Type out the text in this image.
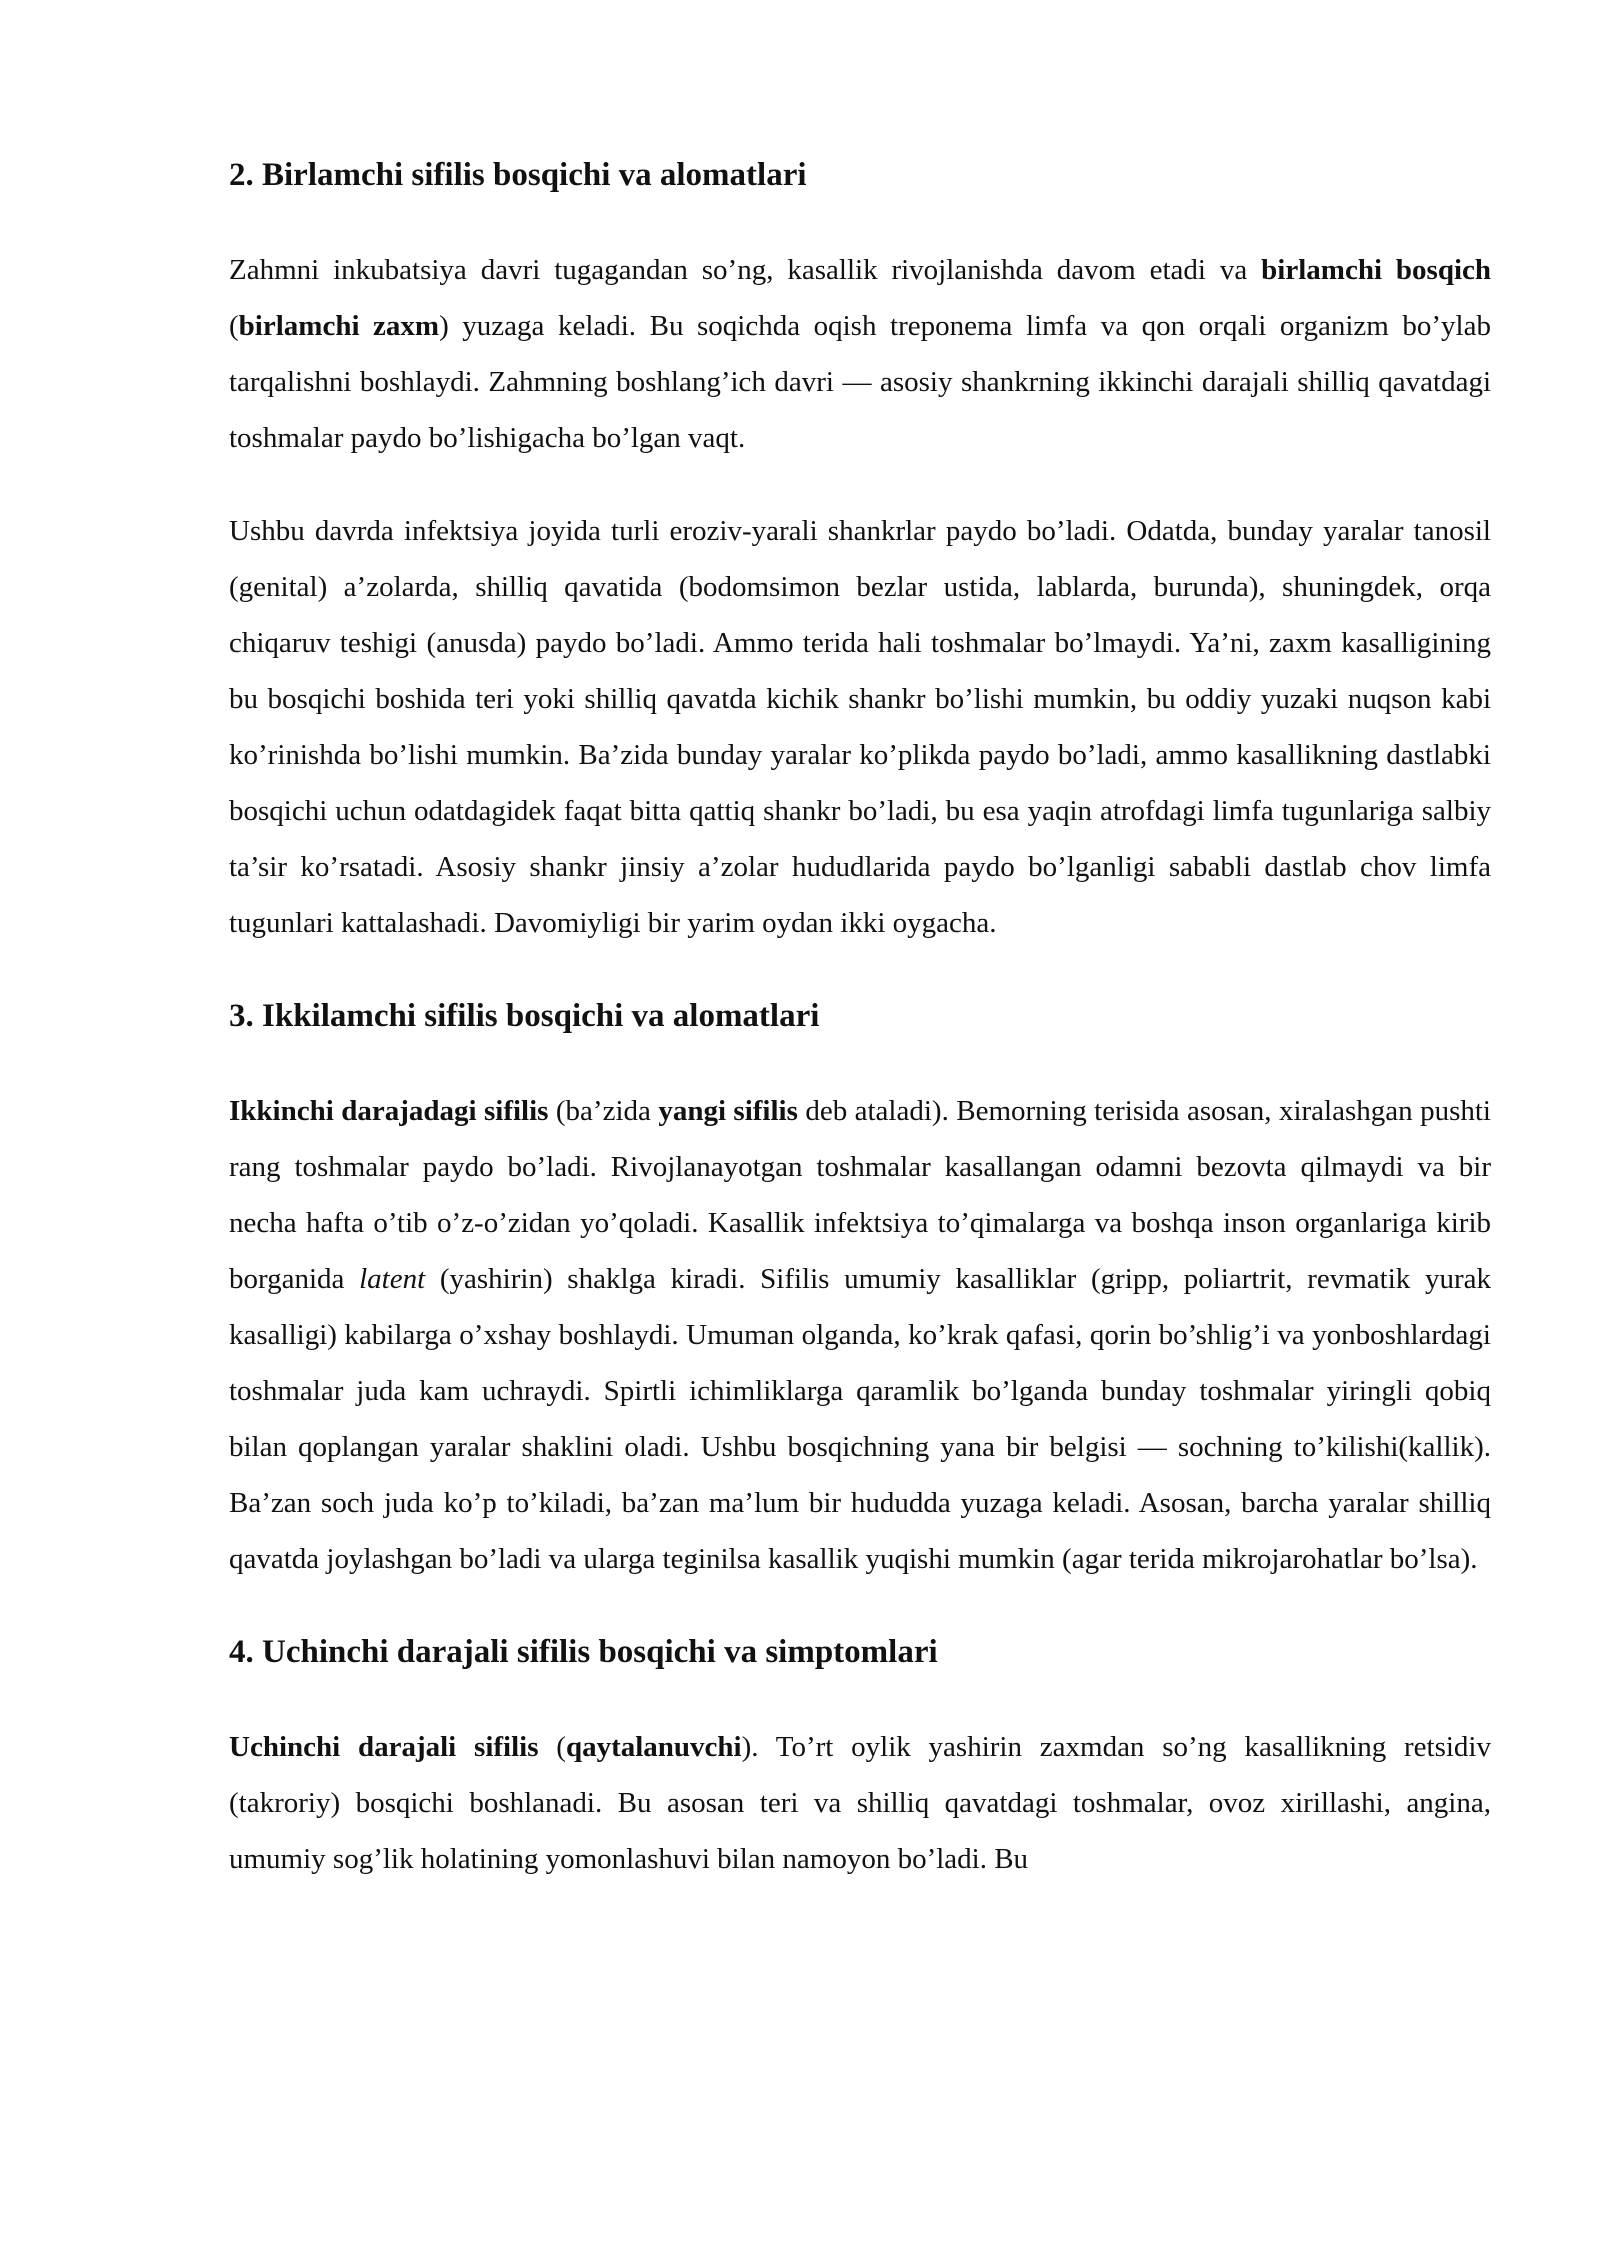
2. Birlamchi sifilis bosqichi va alomatlari

Zahmni inkubatsiya davri tugagandan so’ng, kasallik rivojlanishda davom etadi va birlamchi bosqich (birlamchi zaxm) yuzaga keladi. Bu soqichda oqish treponema limfa va qon orqali organizm bo’ylab tarqalishni boshlaydi. Zahmning boshlang’ich davri — asosiy shankrning ikkinchi darajali shilliq qavatdagi toshmalar paydo bo’lishigacha bo’lgan vaqt.

Ushbu davrda infektsiya joyida turli eroziv-yarali shankrlar paydo bo’ladi. Odatda, bunday yaralar tanosil (genital) a’zolarda, shilliq qavatida (bodomsimon bezlar ustida, lablarda, burunda), shuningdek, orqa chiqaruv teshigi (anusda) paydo bo’ladi. Ammo terida hali toshmalar bo’lmaydi. Ya’ni, zaxm kasalligining bu bosqichi boshida teri yoki shilliq qavatda kichik shankr bo’lishi mumkin, bu oddiy yuzaki nuqson kabi ko’rinishda bo’lishi mumkin. Ba’zida bunday yaralar ko’plikda paydo bo’ladi, ammo kasallikning dastlabki bosqichi uchun odatdagidek faqat bitta qattiq shankr bo’ladi, bu esa yaqin atrofdagi limfa tugunlariga salbiy ta’sir ko’rsatadi. Asosiy shankr jinsiy a’zolar hududlarida paydo bo’lganligi sababli dastlab chov limfa tugunlari kattalashadi. Davomiyligi bir yarim oydan ikki oygacha.

3. Ikkilamchi sifilis bosqichi va alomatlari

Ikkinchi darajadagi sifilis (ba’zida yangi sifilis deb ataladi). Bemorning terisida asosan, xiralashgan pushti rang toshmalar paydo bo’ladi. Rivojlanayotgan toshmalar kasallangan odamni bezovta qilmaydi va bir necha hafta o’tib o’z-o’zidan yo’qoladi. Kasallik infektsiya to’qimalarga va boshqa inson organlariga kirib borganida latent (yashirin) shaklga kiradi. Sifilis umumiy kasalliklar (gripp, poliartrit, revmatik yurak kasalligi) kabilarga o’xshay boshlaydi. Umuman olganda, ko’krak qafasi, qorin bo’shlig’i va yonboshlardagi toshmalar juda kam uchraydi. Spirtli ichimliklarga qaramlik bo’lganda bunday toshmalar yiringli qobiq bilan qoplangan yaralar shaklini oladi. Ushbu bosqichning yana bir belgisi — sochning to’kilishi(kallik). Ba’zan soch juda ko’p to’kiladi, ba’zan ma’lum bir hududda yuzaga keladi. Asosan, barcha yaralar shilliq qavatda joylashgan bo’ladi va ularga teginilsa kasallik yuqishi mumkin (agar terida mikrojarohatlar bo’lsa).

4. Uchinchi darajali sifilis bosqichi va simptomlari

Uchinchi darajali sifilis (qaytalanuvchi). To’rt oylik yashirin zaxmdan so’ng kasallikning retsidiv (takroriy) bosqichi boshlanadi. Bu asosan teri va shilliq qavatdagi toshmalar, ovoz xirillashi, angina, umumiy sog’lik holatining yomonlashuvi bilan namoyon bo’ladi. Bu
